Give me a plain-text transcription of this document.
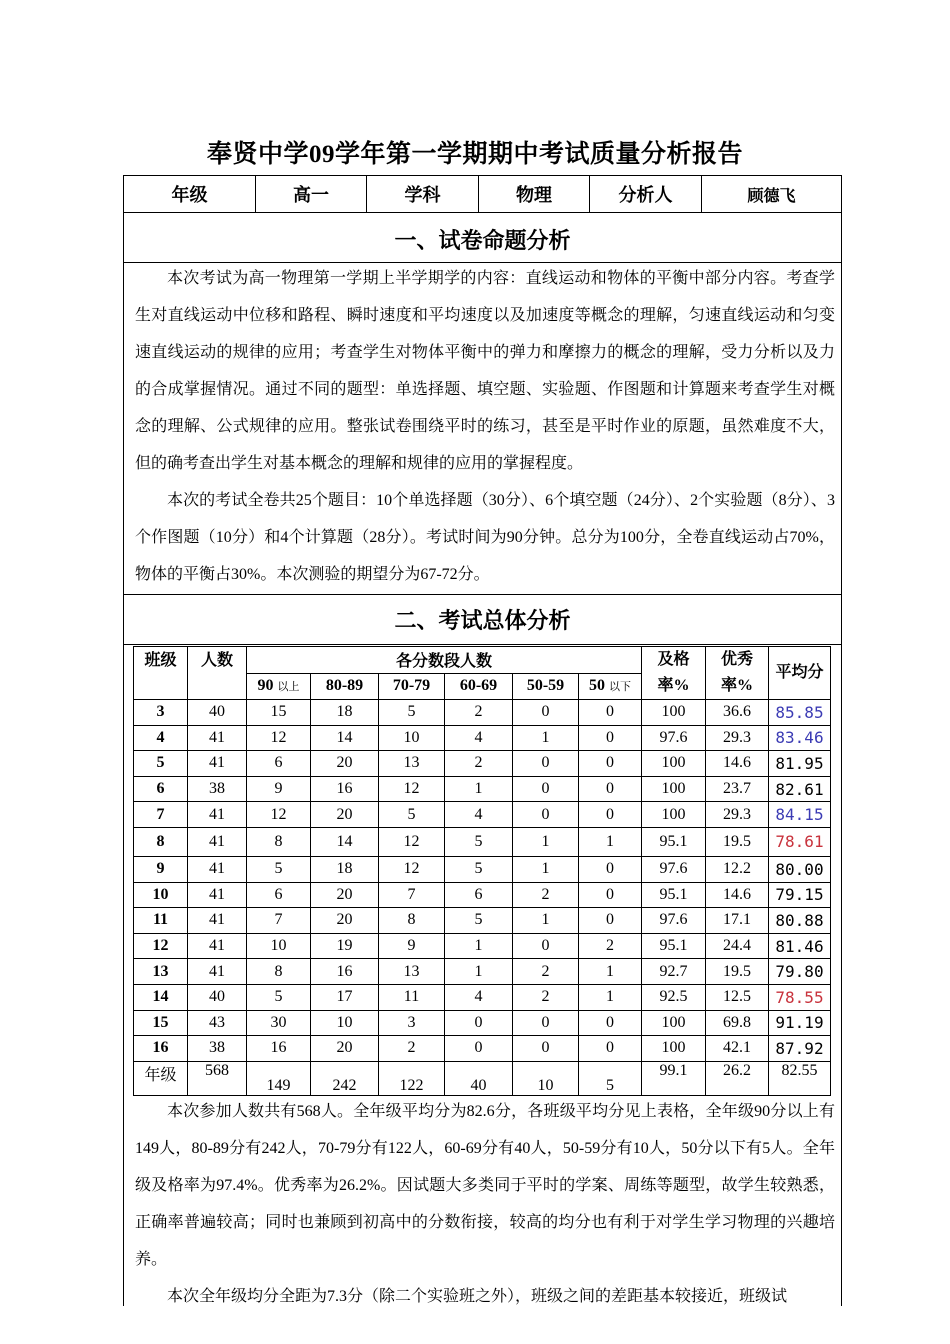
奉贤中学09学年第一学期期中考试质量分析报告
年级	高一	学科	物理	分析人	顾德飞
一、试卷命题分析

本次考试为高一物理第一学期上半学期学的内容：直线运动和物体的平衡中部分内容。考查学生对直线运动中位移和路程、瞬时速度和平均速度以及加速度等概念的理解，匀速直线运动和匀变速直线运动的规律的应用；考查学生对物体平衡中的弹力和摩擦力的概念的理解，受力分析以及力的合成掌握情况。通过不同的题型：单选择题、填空题、实验题、作图题和计算题来考查学生对概念的理解、公式规律的应用。整张试卷围绕平时的练习，甚至是平时作业的原题，虽然难度不大，但的确考查出学生对基本概念的理解和规律的应用的掌握程度。

本次的考试全卷共25个题目：10个单选择题（30分）、6个填空题（24分）、2个实验题（8分）、3个作图题（10分）和4个计算题（28分）。考试时间为90分钟。总分为100分，全卷直线运动占70%，物体的平衡占30%。本次测验的期望分为67-72分。

二、考试总体分析
班级	人数	各分数段人数						及格率%	优秀率%	平均分
		90 以上	80-89	70-79	60-69	50-59	50 以下			
3	40	15	18	5	2	0	0	100	36.6	85.85
4	41	12	14	10	4	1	0	97.6	29.3	83.46
5	41	6	20	13	2	0	0	100	14.6	81.95
6	38	9	16	12	1	0	0	100	23.7	82.61
7	41	12	20	5	4	0	0	100	29.3	84.15
8	41	8	14	12	5	1	1	95.1	19.5	78.61
9	41	5	18	12	5	1	0	97.6	12.2	80.00
10	41	6	20	7	6	2	0	95.1	14.6	79.15
11	41	7	20	8	5	1	0	97.6	17.1	80.88
12	41	10	19	9	1	0	2	95.1	24.4	81.46
13	41	8	16	13	1	2	1	92.7	19.5	79.80
14	40	5	17	11	4	2	1	92.5	12.5	78.55
15	43	30	10	3	0	0	0	100	69.8	91.19
16	38	16	20	2	0	0	0	100	42.1	87.92
年级	568	149	242	122	40	10	5	99.1	26.2	82.55

本次参加人数共有568人。全年级平均分为82.6分，各班级平均分见上表格，全年级90分以上有149人，80-89分有242人，70-79分有122人，60-69分有40人，50-59分有10人，50分以下有5人。全年级及格率为97.4%。优秀率为26.2%。因试题大多类同于平时的学案、周练等题型，故学生较熟悉，正确率普遍较高；同时也兼顾到初高中的分数衔接，较高的均分也有利于对学生学习物理的兴趣培养。

本次全年级均分全距为7.3分（除二个实验班之外），班级之间的差距基本较接近，班级试
